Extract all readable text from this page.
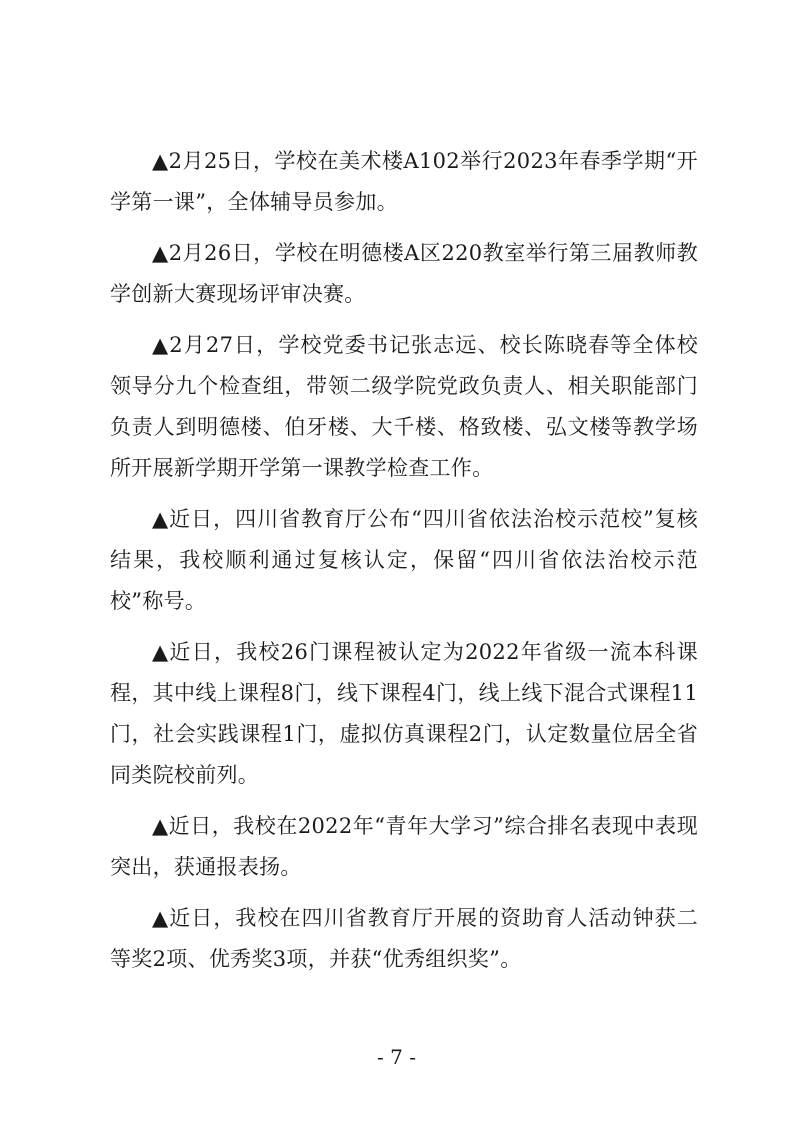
▲2月25日，学校在美术楼A102举行2023年春季学期“开学第一课”，全体辅导员参加。

▲2月26日，学校在明德楼A区220教室举行第三届教师教学创新大赛现场评审决赛。

▲2月27日，学校党委书记张志远、校长陈晓春等全体校领导分九个检查组，带领二级学院党政负责人、相关职能部门负责人到明德楼、伯牙楼、大千楼、格致楼、弘文楼等教学场所开展新学期开学第一课教学检查工作。

▲近日，四川省教育厅公布“四川省依法治校示范校”复核结果，我校顺利通过复核认定，保留“四川省依法治校示范校”称号。

▲近日，我校26门课程被认定为2022年省级一流本科课程，其中线上课程8门，线下课程4门，线上线下混合式课程11门，社会实践课程1门，虚拟仿真课程2门，认定数量位居全省同类院校前列。

▲近日，我校在2022年“青年大学习”综合排名表现中表现突出，获通报表扬。

▲近日，我校在四川省教育厅开展的资助育人活动钟获二等奖2项、优秀奖3项，并获“优秀组织奖”。

- 7 -
